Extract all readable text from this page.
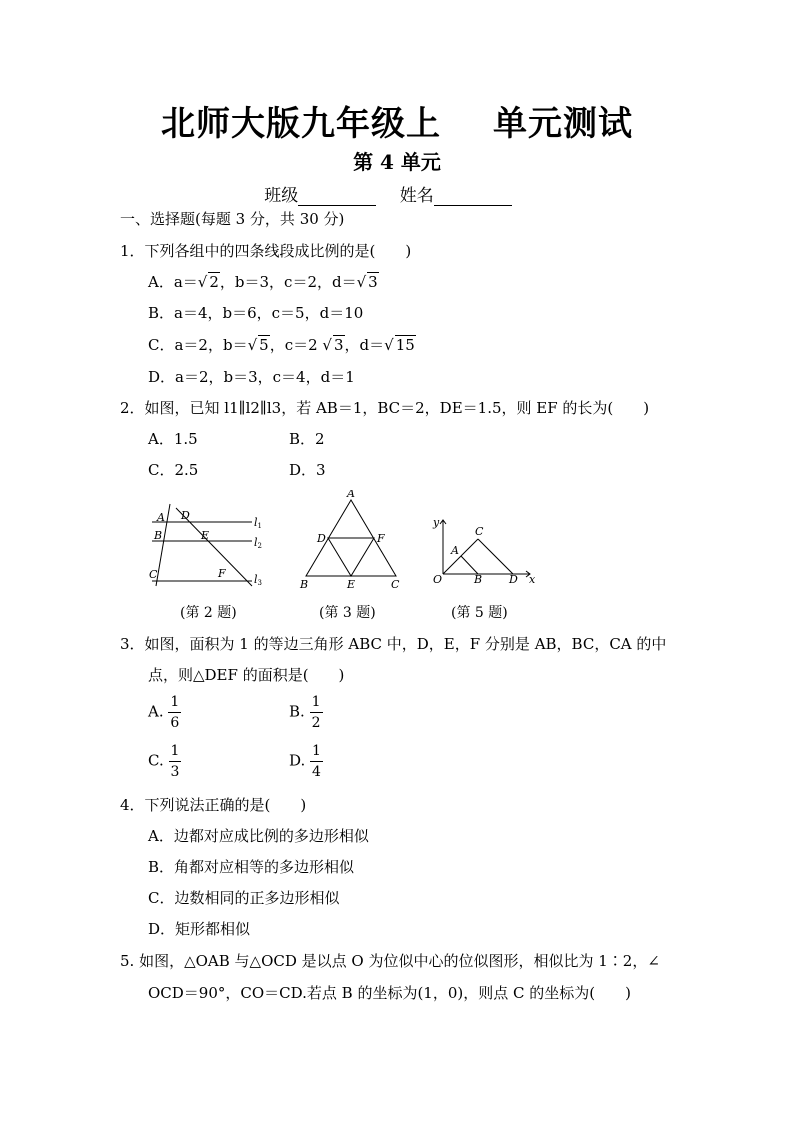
北师大版九年级上 单元测试
第 4 单元
班级	姓名
一、选择题(每题 3 分，共 30 分)
1．下列各组中的四条线段成比例的是(　　)
A．a＝√ 2，b＝3，c＝2，d＝√ 3
B．a＝4，b＝6，c＝5，d＝10
C．a＝2，b＝√ 5，c＝2 √ 3，d＝√ 15
D．a＝2，b＝3，c＝4，d＝1
2．如图，已知 l1∥l2∥l3，若 AB＝1，BC＝2，DE＝1.5，则 EF 的长为(　　)
A．1.5	B．2
C．2.5	D．3
A D
B	E
C	F
l1
l2
l3
A
D	F
B	E	C
y
C
A
O	B D x
(第 2 题)	(第 3 题)	(第 5 题)
3．如图，面积为 1 的等边三角形 ABC 中，D，E，F 分别是 AB，BC，CA 的中
点，则△DEF 的面积是(　　)
A. $\frac{1}{6}$	B. $\frac{1}{2}$
C. $\frac{1}{3}$	D. $\frac{1}{4}$
4．下列说法正确的是(　　)
A．边都对应成比例的多边形相似
B．角都对应相等的多边形相似
C．边数相同的正多边形相似
D．矩形都相似
5. 如图，△OAB 与△OCD 是以点 O 为位似中心的位似图形，相似比为 1∶2，∠
OCD＝90°，CO＝CD.若点 B 的坐标为(1，0)，则点 C 的坐标为(　　)
